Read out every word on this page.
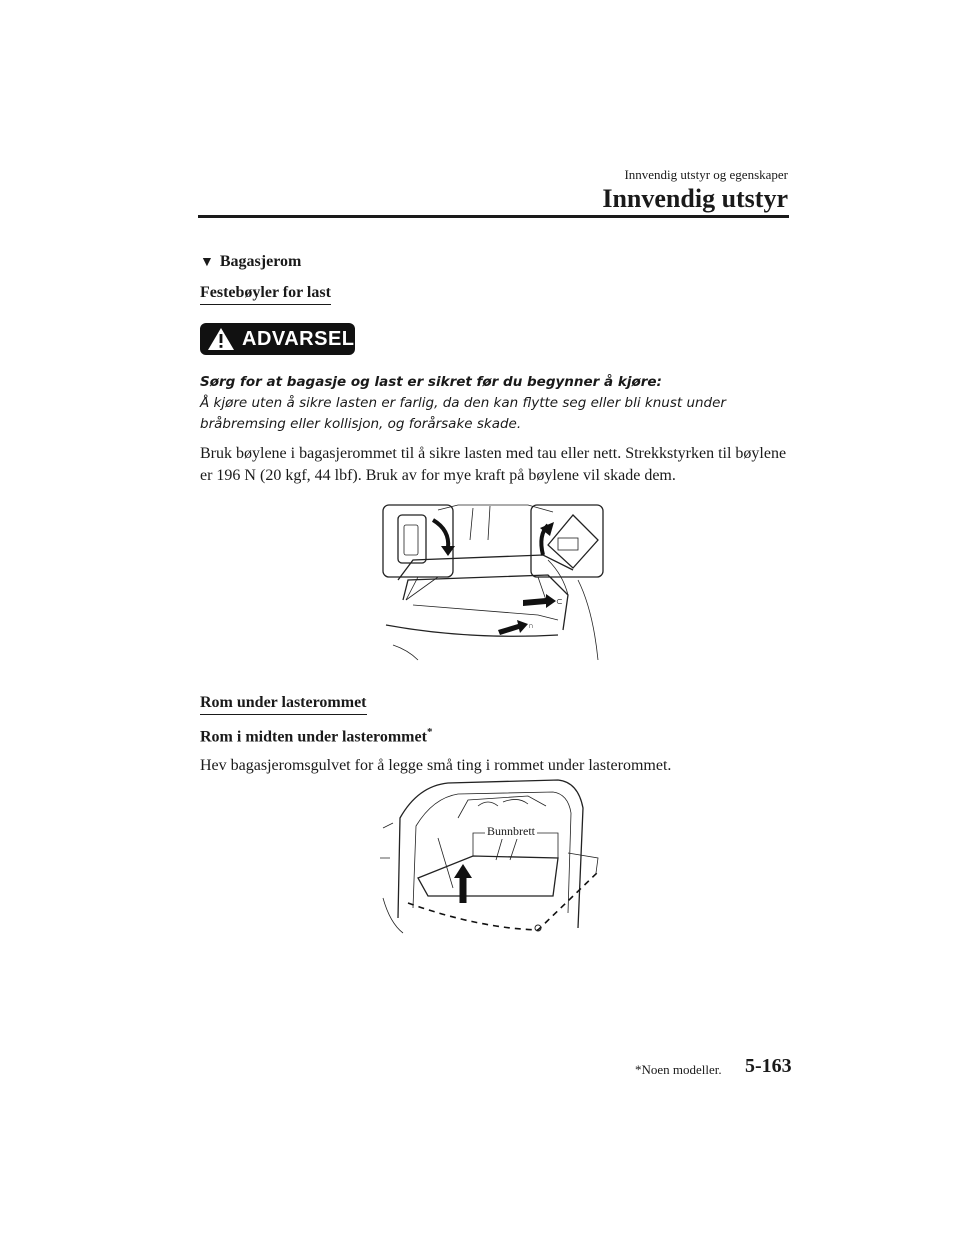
Innvendig utstyr og egenskaper
Innvendig utstyr
▼ Bagasjerom
Festebøyler for last
ADVARSEL
Sørg for at bagasje og last er sikret før du begynner å kjøre:
Å kjøre uten å sikre lasten er farlig, da den kan flytte seg eller bli knust under bråbremsing eller kollisjon, og forårsake skade.
Bruk bøylene i bagasjerommet til å sikre lasten med tau eller nett. Strekkstyrken til bøylene er 196 N (20 kgf, 44 lbf). Bruk av for mye kraft på bøylene vil skade dem.
⊂
∩
Rom under lasterommet
Rom i midten under lasterommet*
Hev bagasjeromsgulvet for å legge små ting i rommet under lasterommet.
Bunnbrett
*Noen modeller. 5-163
